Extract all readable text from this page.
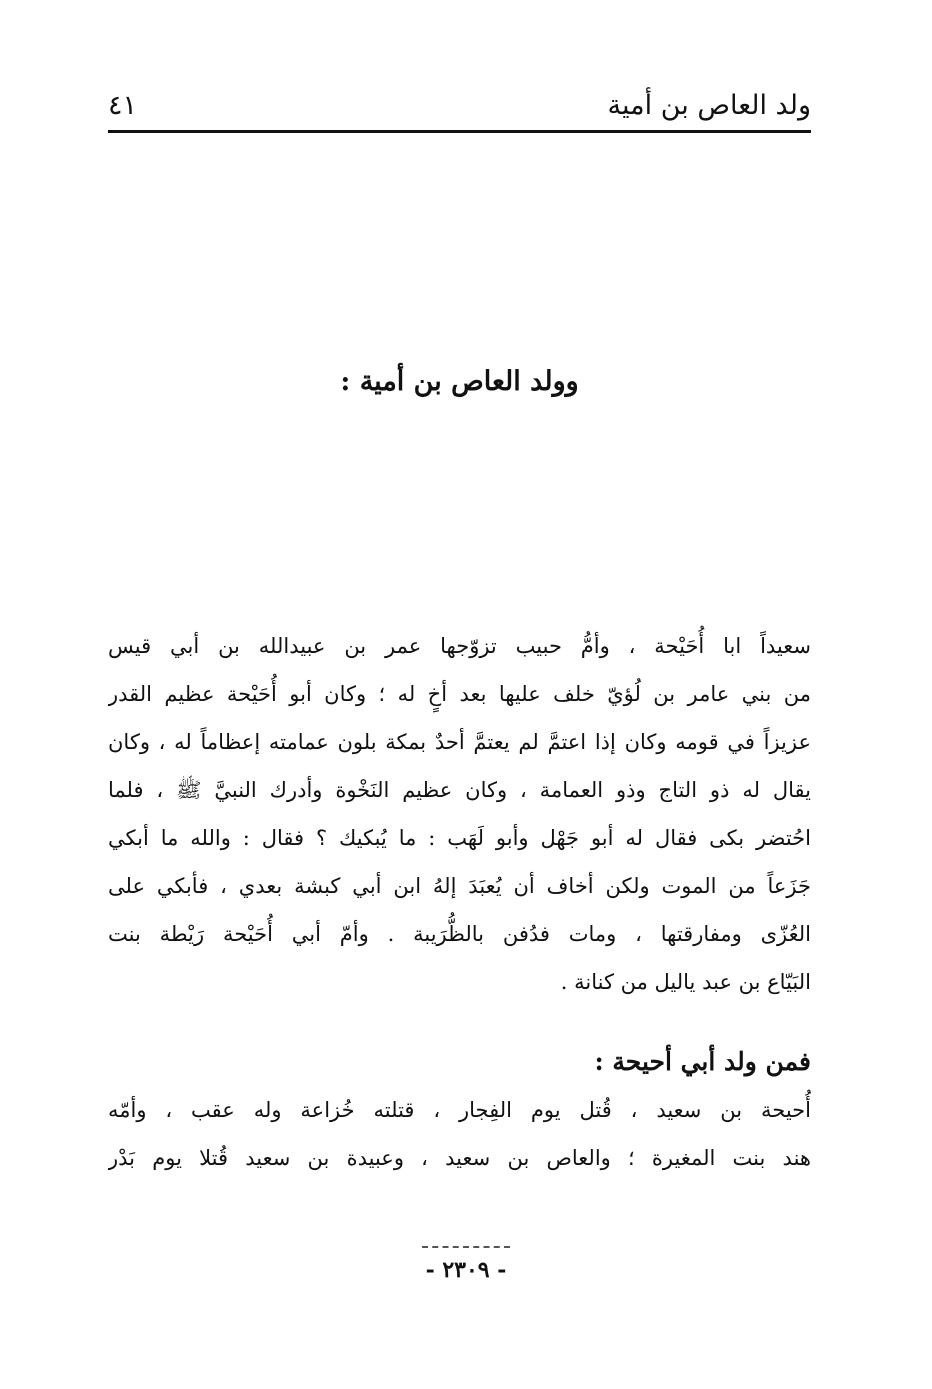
ولد العاص بن أمية
٤١
وولد العاص بن أمية :
سعيداً ابا أُحَيْحة ، وأمُّ حبيب تزوّجها عمر بن عبيدالله بن أبي قيس
من بني عامر بن لُؤيّ خلف عليها بعد أخٍ له ؛ وكان أبو أُحَيْحة عظيم القدر
عزيزاً في قومه وكان إذا اعتمَّ لم يعتمَّ أحدٌ بمكة بلون عمامته إعظاماً له ، وكان
يقال له ذو التاج وذو العمامة ، وكان عظيم النَخْوة وأدرك النبيَّ ﷺ ، فلما
احُتضر بكى فقال له أبو جَهْل وأبو لَهَب : ما يُبكيك ؟ فقال : والله ما أبكي
جَزَعاً من الموت ولكن أخاف أن يُعبَدَ إلهُ ابن أبي كبشة بعدي ، فأبكي على
العُزّى ومفارقتها ، ومات فدُفن بالظُّرَيبة . وأمّ أبي أُحَيْحة رَيْطة بنت
البَيّاع بن عبد ياليل من كنانة .
فمن ولد أبي أحيحة :
أُحيحة بن سعيد ، قُتل يوم الفِجار ، قتلته خُزاعة وله عقب ، وأمّه
هند بنت المغيرة ؛ والعاص بن سعيد ، وعبيدة بن سعيد قُتلا يوم بَدْر
- ٢٣٠٩ -
